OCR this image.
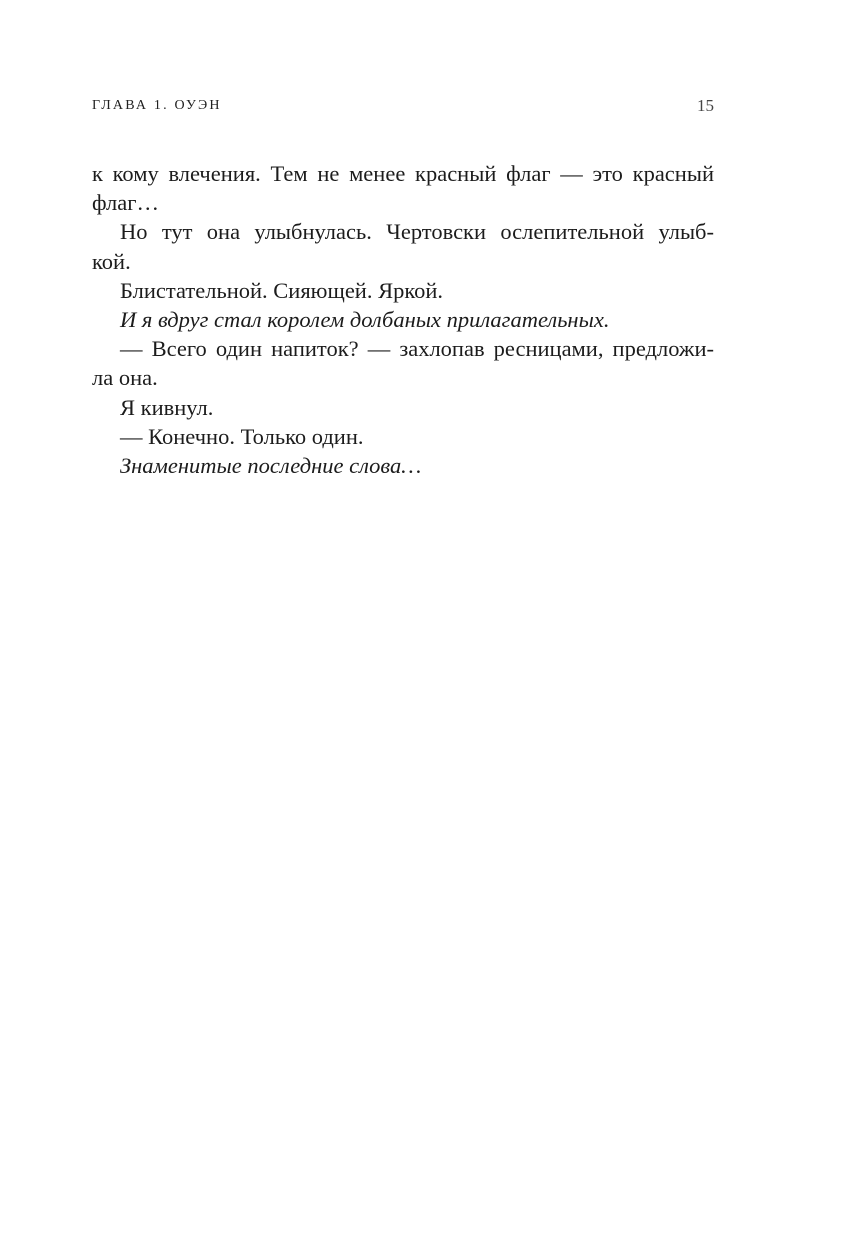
ГЛАВА 1. ОУЭН	15
к кому влечения. Тем не менее красный флаг — это красный
флаг…
Но тут она улыбнулась. Чертовски ослепительной улыб-
кой.
Блистательной. Сияющей. Яркой.
И я вдруг стал королем долбаных прилагательных.
— Всего один напиток? — захлопав ресницами, предложи-
ла она.
Я кивнул.
— Конечно. Только один.
Знаменитые последние слова…
